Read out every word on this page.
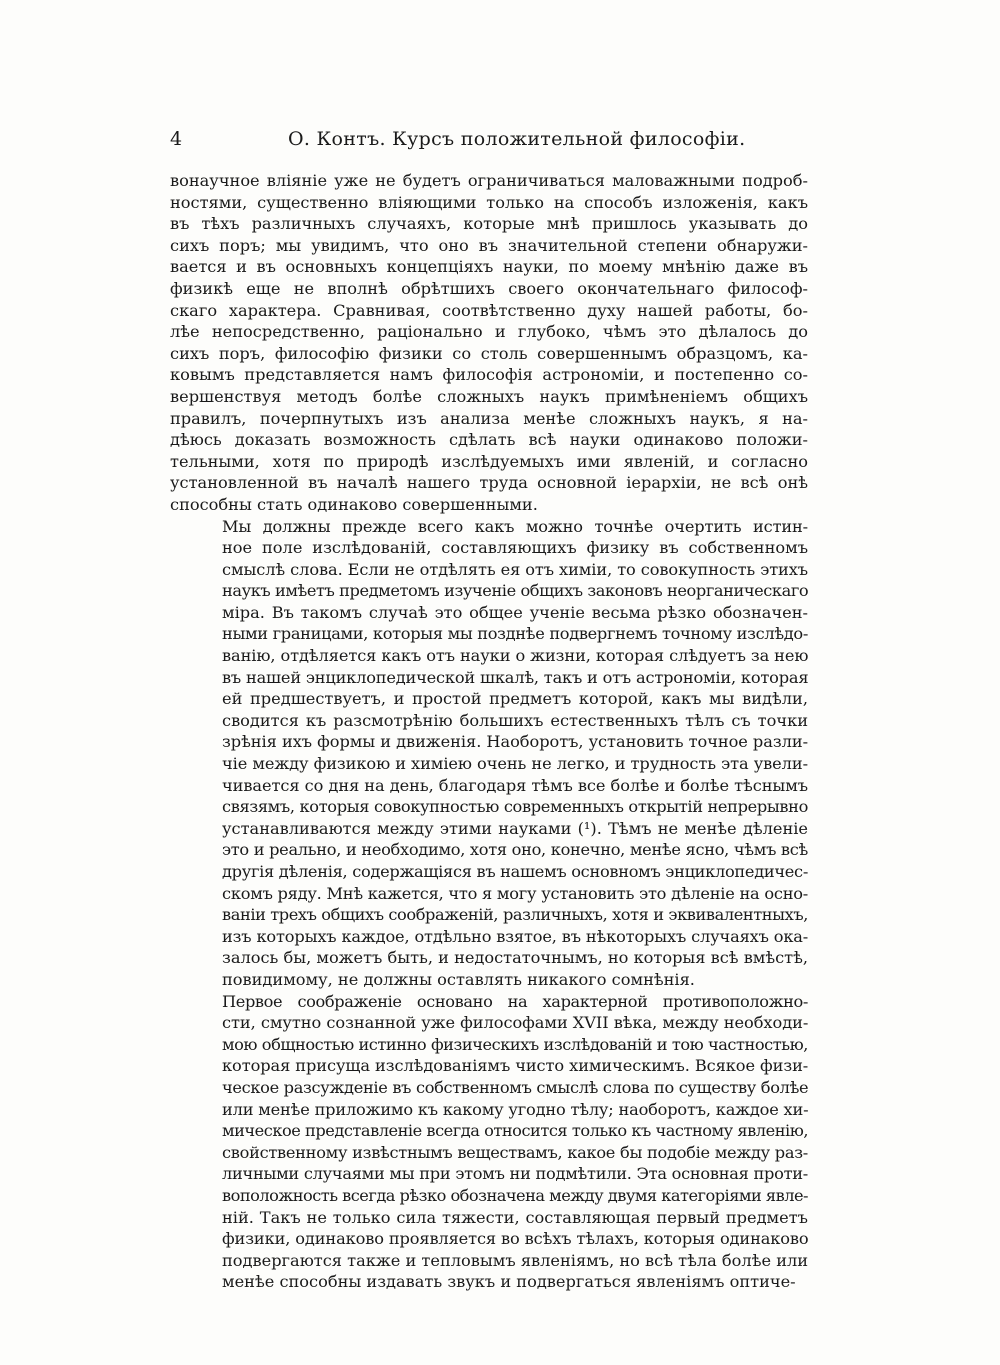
4	О. Контъ. Курсъ положительной философіи.

вонаучное вліяніе уже не будетъ ограничиваться маловажными подроб-
ностями, существенно вліяющими только на способъ изложенія, какъ
въ тѣхъ различныхъ случаяхъ, которые мнѣ пришлось указывать до
сихъ поръ; мы увидимъ, что оно въ значительной степени обнаружи-
вается и въ основныхъ концепціяхъ науки, по моему мнѣнію даже въ
физикѣ еще не вполнѣ обрѣтшихъ своего окончательнаго философ-
скаго характера. Сравнивая, соотвѣтственно духу нашей работы, бо-
лѣе непосредственно, раціонально и глубоко, чѣмъ это дѣлалось до
сихъ поръ, философію физики со столь совершеннымъ образцомъ, ка-
ковымъ представляется намъ философія астрономіи, и постепенно со-
вершенствуя методъ болѣе сложныхъ наукъ примѣненіемъ общихъ
правилъ, почерпнутыхъ изъ анализа менѣе сложныхъ наукъ, я на-
дѣюсь доказать возможность сдѣлать всѣ науки одинаково положи-
тельными, хотя по природѣ изслѣдуемыхъ ими явленій, и согласно
установленной въ началѣ нашего труда основной іерархіи, не всѣ онѣ
способны стать одинаково совершенными.

Мы должны прежде всего какъ можно точнѣе очертить истин-
ное поле изслѣдованій, составляющихъ физику въ собственномъ
смыслѣ слова. Если не отдѣлять ея отъ химіи, то совокупность этихъ
наукъ имѣетъ предметомъ изученіе общихъ законовъ неорганическаго
міра. Въ такомъ случаѣ это общее ученіе весьма рѣзко обозначен-
ными границами, которыя мы позднѣе подвергнемъ точному изслѣдо-
ванію, отдѣляется какъ отъ науки о жизни, которая слѣдуетъ за нею
въ нашей энциклопедической шкалѣ, такъ и отъ астрономіи, которая
ей предшествуетъ, и простой предметъ которой, какъ мы видѣли,
сводится къ разсмотрѣнію большихъ естественныхъ тѣлъ съ точки
зрѣнія ихъ формы и движенія. Наоборотъ, установить точное разли-
чіе между физикою и химіею очень не легко, и трудность эта увели-
чивается со дня на день, благодаря тѣмъ все болѣе и болѣе тѣснымъ
связямъ, которыя совокупностью современныхъ открытій непрерывно
устанавливаются между этими науками (¹). Тѣмъ не менѣе дѣленіе
это и реально, и необходимо, хотя оно, конечно, менѣе ясно, чѣмъ всѣ
другія дѣленія, содержащіяся въ нашемъ основномъ энциклопедичес-
скомъ ряду. Мнѣ кажется, что я могу установить это дѣленіе на осно-
ваніи трехъ общихъ соображеній, различныхъ, хотя и эквивалентныхъ,
изъ которыхъ каждое, отдѣльно взятое, въ нѣкоторыхъ случаяхъ ока-
залось бы, можетъ быть, и недостаточнымъ, но которыя всѣ вмѣстѣ,
повидимому, не должны оставлять никакого сомнѣнія.

Первое соображеніе основано на характерной противоположно-
сти, смутно сознанной уже философами XVII вѣка, между необходи-
мою общностью истинно физическихъ изслѣдованій и тою частностью,
которая присуща изслѣдованіямъ чисто химическимъ. Всякое физи-
ческое разсужденіе въ собственномъ смыслѣ слова по существу болѣе
или менѣе приложимо къ какому угодно тѣлу; наоборотъ, каждое хи-
мическое представленіе всегда относится только къ частному явленію,
свойственному извѣстнымъ веществамъ, какое бы подобіе между раз-
личными случаями мы при этомъ ни подмѣтили. Эта основная проти-
воположность всегда рѣзко обозначена между двумя категоріями явле-
ній. Такъ не только сила тяжести, составляющая первый предметъ
физики, одинаково проявляется во всѣхъ тѣлахъ, которыя одинаково
подвергаются также и тепловымъ явленіямъ, но всѣ тѣла болѣе или
менѣе способны издавать звукъ и подвергаться явленіямъ оптиче-
